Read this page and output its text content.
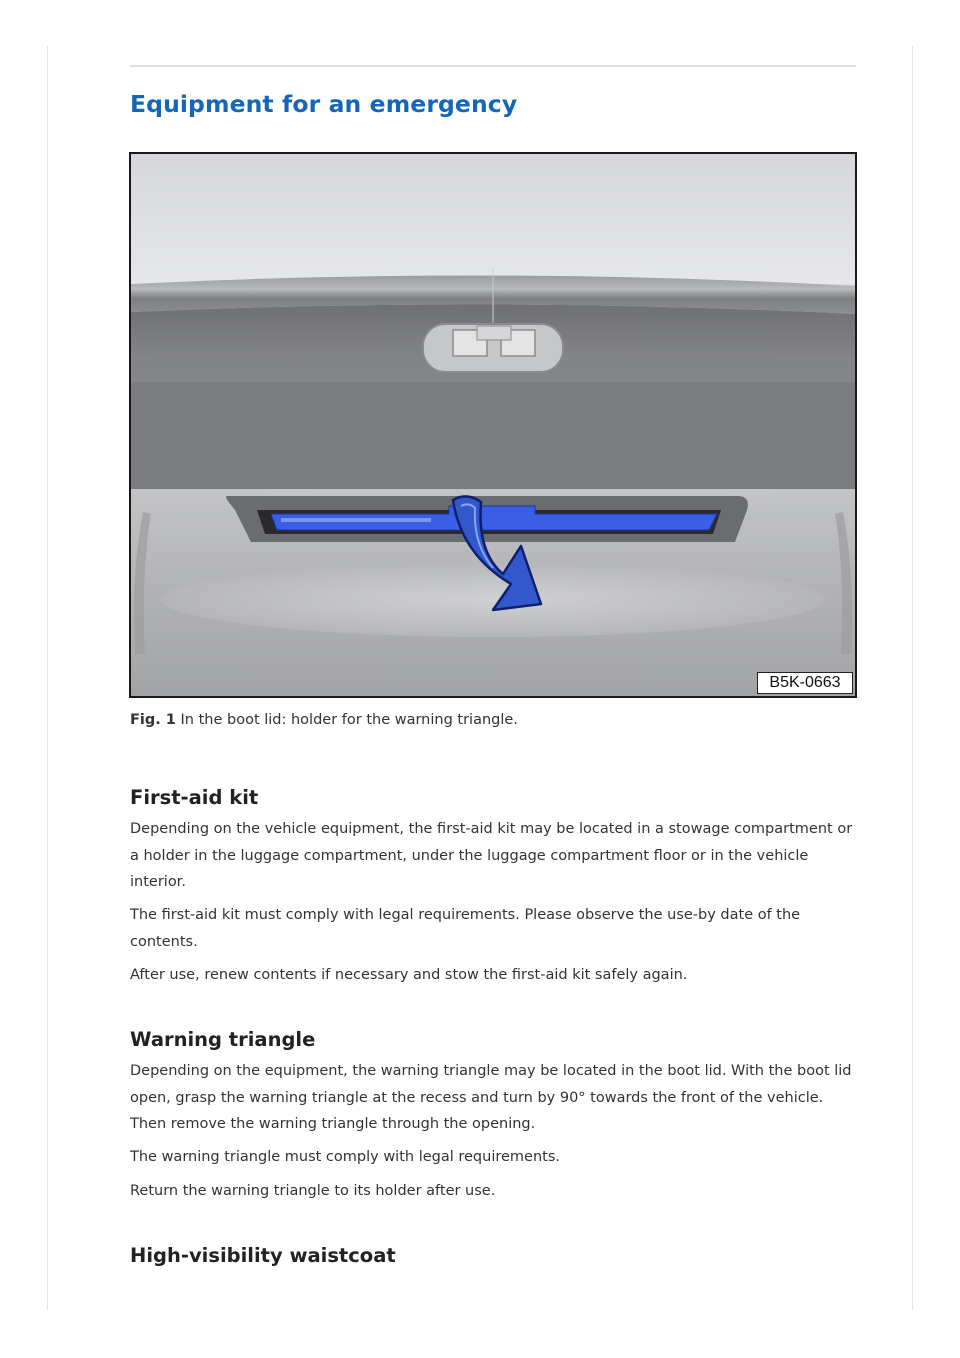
Equipment for an emergency
B5K-0663
Fig. 1 In the boot lid: holder for the warning triangle.
First-aid kit

Depending on the vehicle equipment, the first-aid kit may be located in a stowage compartment or a holder in the luggage compartment, under the luggage compartment floor or in the vehicle interior.

The first-aid kit must comply with legal requirements. Please observe the use-by date of the contents.

After use, renew contents if necessary and stow the first-aid kit safely again.

Warning triangle

Depending on the equipment, the warning triangle may be located in the boot lid. With the boot lid open, grasp the warning triangle at the recess and turn by 90° towards the front of the vehicle. Then remove the warning triangle through the opening.

The warning triangle must comply with legal requirements.

Return the warning triangle to its holder after use.

High-visibility waistcoat
